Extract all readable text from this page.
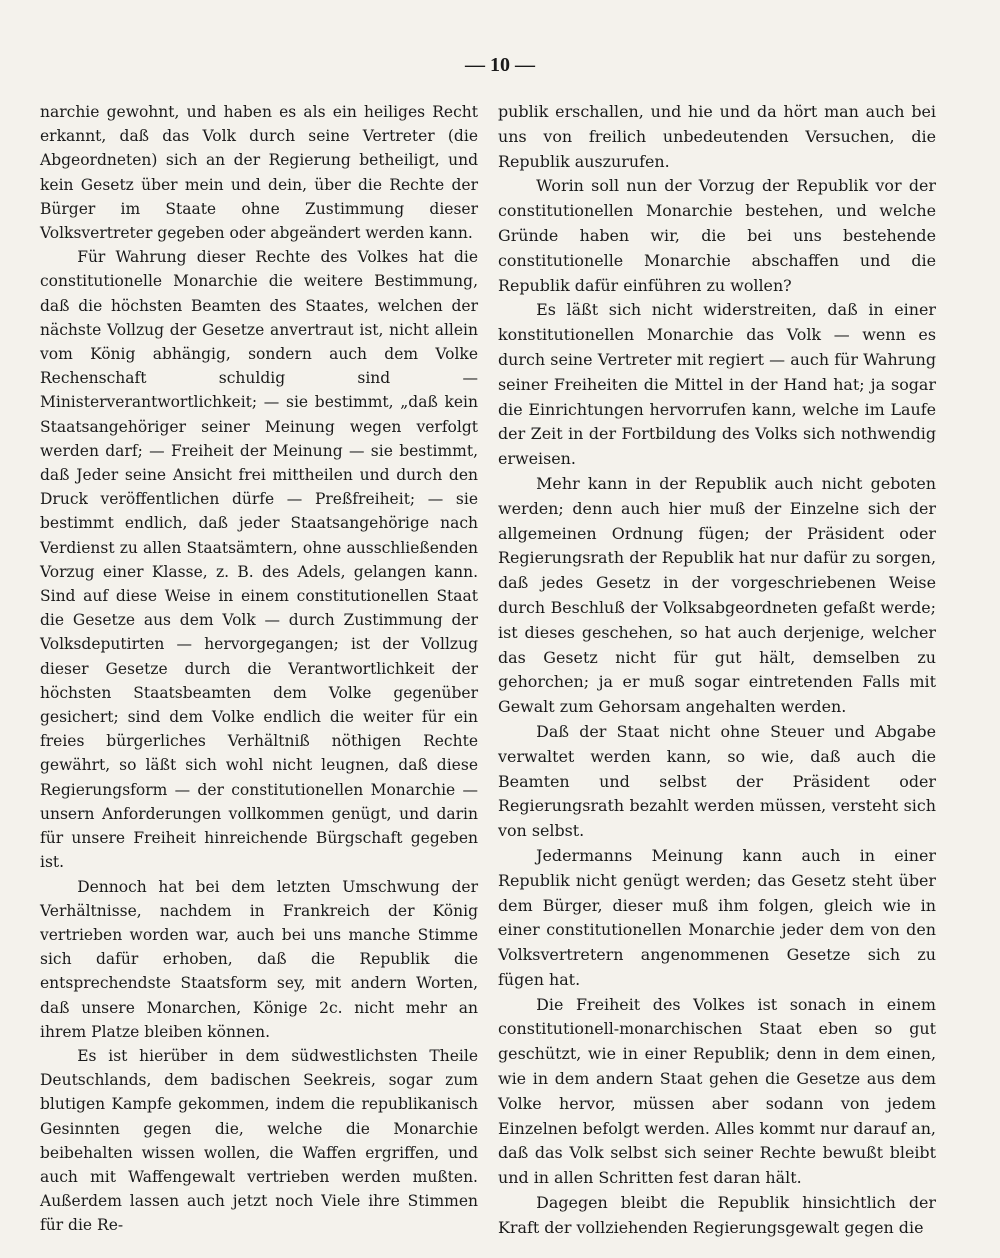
— 10 —

narchie gewohnt, und haben es als ein heiliges Recht erkannt, daß das Volk durch seine Vertreter (die Abgeordneten) sich an der Regierung betheiligt, und kein Gesetz über mein und dein, über die Rechte der Bürger im Staate ohne Zustimmung dieser Volksvertreter gegeben oder abgeändert werden kann.

Für Wahrung dieser Rechte des Volkes hat die constitutionelle Monarchie die weitere Bestimmung, daß die höchsten Beamten des Staates, welchen der nächste Vollzug der Gesetze anvertraut ist, nicht allein vom König abhängig, sondern auch dem Volke Rechenschaft schuldig sind — Ministerverantwortlichkeit; — sie bestimmt, „daß kein Staatsangehöriger seiner Meinung wegen verfolgt werden darf; — Freiheit der Meinung — sie bestimmt, daß Jeder seine Ansicht frei mittheilen und durch den Druck veröffentlichen dürfe — Preßfreiheit; — sie bestimmt endlich, daß jeder Staatsangehörige nach Verdienst zu allen Staatsämtern, ohne ausschließenden Vorzug einer Klasse, z. B. des Adels, gelangen kann. Sind auf diese Weise in einem constitutionellen Staat die Gesetze aus dem Volk — durch Zustimmung der Volksdeputirten — hervorgegangen; ist der Vollzug dieser Gesetze durch die Verantwortlichkeit der höchsten Staatsbeamten dem Volke gegenüber gesichert; sind dem Volke endlich die weiter für ein freies bürgerliches Verhältniß nöthigen Rechte gewährt, so läßt sich wohl nicht leugnen, daß diese Regierungsform — der constitutionellen Monarchie — unsern Anforderungen vollkommen genügt, und darin für unsere Freiheit hinreichende Bürgschaft gegeben ist.

Dennoch hat bei dem letzten Umschwung der Verhältnisse, nachdem in Frankreich der König vertrieben worden war, auch bei uns manche Stimme sich dafür erhoben, daß die Republik die entsprechendste Staatsform sey, mit andern Worten, daß unsere Monarchen, Könige 2c. nicht mehr an ihrem Platze bleiben können.

Es ist hierüber in dem südwestlichsten Theile Deutschlands, dem badischen Seekreis, sogar zum blutigen Kampfe gekommen, indem die republikanisch Gesinnten gegen die, welche die Monarchie beibehalten wissen wollen, die Waffen ergriffen, und auch mit Waffengewalt vertrieben werden mußten. Außerdem lassen auch jetzt noch Viele ihre Stimmen für die Re-

publik erschallen, und hie und da hört man auch bei uns von freilich unbedeutenden Versuchen, die Republik auszurufen.

Worin soll nun der Vorzug der Republik vor der constitutionellen Monarchie bestehen, und welche Gründe haben wir, die bei uns bestehende constitutionelle Monarchie abschaffen und die Republik dafür einführen zu wollen?

Es läßt sich nicht widerstreiten, daß in einer konstitutionellen Monarchie das Volk — wenn es durch seine Vertreter mit regiert — auch für Wahrung seiner Freiheiten die Mittel in der Hand hat; ja sogar die Einrichtungen hervorrufen kann, welche im Laufe der Zeit in der Fortbildung des Volks sich nothwendig erweisen.

Mehr kann in der Republik auch nicht geboten werden; denn auch hier muß der Einzelne sich der allgemeinen Ordnung fügen; der Präsident oder Regierungsrath der Republik hat nur dafür zu sorgen, daß jedes Gesetz in der vorgeschriebenen Weise durch Beschluß der Volksabgeordneten gefaßt werde; ist dieses geschehen, so hat auch derjenige, welcher das Gesetz nicht für gut hält, demselben zu gehorchen; ja er muß sogar eintretenden Falls mit Gewalt zum Gehorsam angehalten werden.

Daß der Staat nicht ohne Steuer und Abgabe verwaltet werden kann, so wie, daß auch die Beamten und selbst der Präsident oder Regierungsrath bezahlt werden müssen, versteht sich von selbst.

Jedermanns Meinung kann auch in einer Republik nicht genügt werden; das Gesetz steht über dem Bürger, dieser muß ihm folgen, gleich wie in einer constitutionellen Monarchie jeder dem von den Volksvertretern angenommenen Gesetze sich zu fügen hat.

Die Freiheit des Volkes ist sonach in einem constitutionell-monarchischen Staat eben so gut geschützt, wie in einer Republik; denn in dem einen, wie in dem andern Staat gehen die Gesetze aus dem Volke hervor, müssen aber sodann von jedem Einzelnen befolgt werden. Alles kommt nur darauf an, daß das Volk selbst sich seiner Rechte bewußt bleibt und in allen Schritten fest daran hält.

Dagegen bleibt die Republik hinsichtlich der Kraft der vollziehenden Regierungsgewalt gegen die
